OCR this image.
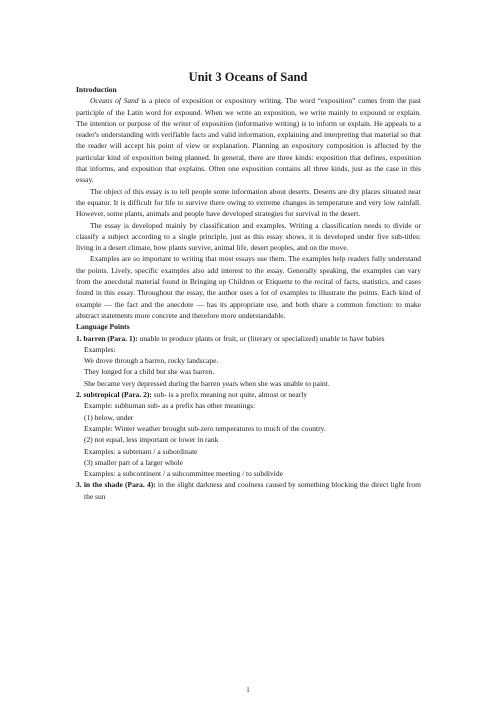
Unit 3 Oceans of Sand

Introduction

Oceans of Sand is a piece of exposition or expository writing. The word “exposition” comes from the past participle of the Latin word for expound. When we write an exposition, we write mainly to expound or explain. The intention or purpose of the writer of exposition (informative writing) is to inform or explain. He appeals to a reader's understanding with verifiable facts and valid information, explaining and interpreting that material so that the reader will accept his point of view or explanation. Planning an expository composition is affected by the particular kind of exposition being planned. In general, there are three kinds: exposition that defines, exposition that informs, and exposition that explains. Often one exposition contains all three kinds, just as the case in this essay.

The object of this essay is to tell people some information about deserts. Deserts are dry places situated near the equator. It is difficult for life to survive there owing to extreme changes in temperature and very low rainfall. However, some plants, animals and people have developed strategies for survival in the desert.

The essay is developed mainly by classification and examples. Writing a classification needs to divide or classify a subject according to a single principle, just as this essay shows, it is developed under five sub-titles: living in a desert climate, how plants survive, animal life, desert peoples, and on the move.

Examples are so important to writing that most essays use them. The examples help readers fully understand the points. Lively, specific examples also add interest to the essay. Generally speaking, the examples can vary from the anecdotal material found in Bringing up Children or Etiquette to the recital of facts, statistics, and cases found in this essay. Throughout the essay, the author uses a lot of examples to illustrate the points. Each kind of example — the fact and the anecdote — has its appropriate use, and both share a common function: to make abstract statements more concrete and therefore more understandable.

Language Points

1. barren (Para. 1): unable to produce plants or fruit, or (literary or specialized) unable to have babies

Examples:

We drove through a barren, rocky landscape.

They longed for a child but she was barren.

She became very depressed during the barren years when she was unable to paint.

2. subtropical (Para. 2): sub- is a prefix meaning not quite, almost or nearly

Example: subhuman sub- as a prefix has other meanings:

(1) below, under

Example: Winter weather brought sub-zero temperatures to much of the country.

(2) not equal, less important or lower in rank

Examples: a subtenant / a subordinate

(3) smaller part of a larger whole

Examples: a subcontinent / a subcommittee meeting / to subdivide

3. in the shade (Para. 4): in the slight darkness and coolness caused by something blocking the direct light from the sun

1
